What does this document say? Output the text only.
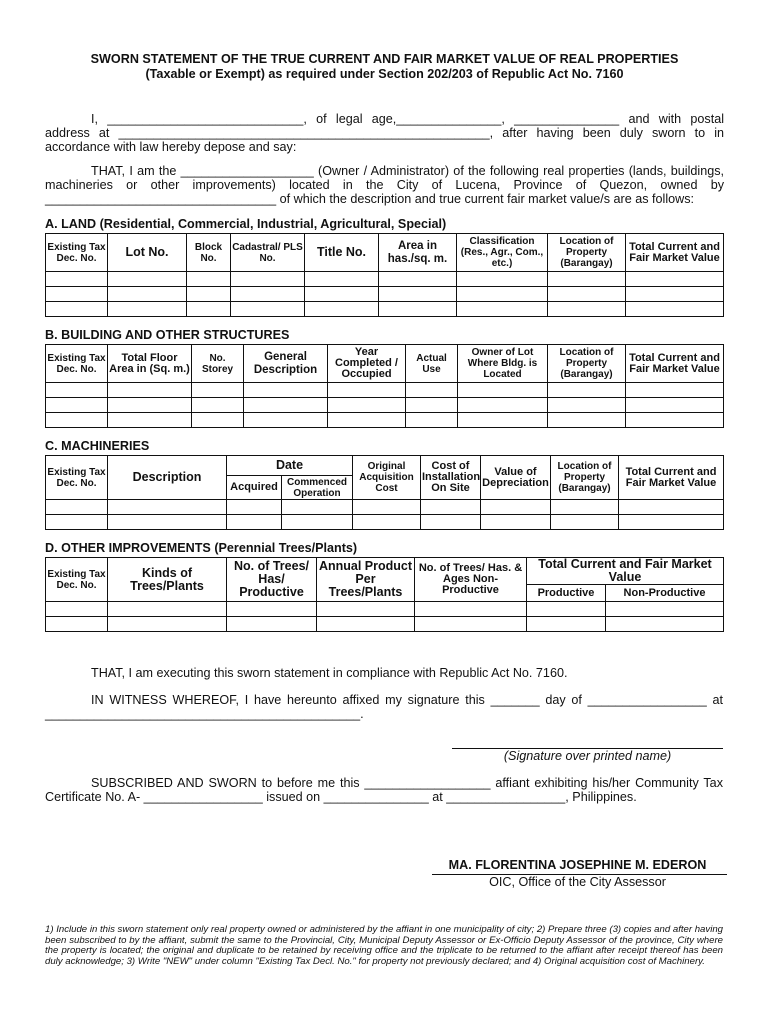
SWORN STATEMENT OF THE TRUE CURRENT AND FAIR MARKET VALUE OF REAL PROPERTIES
(Taxable or Exempt) as required under Section 202/203 of Republic Act No. 7160

I, ____________________________, of legal age,_______________, _______________ and with postal address at _____________________________________________________, after having been duly sworn to in accordance with law hereby depose and say:

THAT, I am the ___________________ (Owner / Administrator) of the following real properties (lands, buildings, machineries or other improvements) located in the City of Lucena, Province of Quezon, owned by _________________________________ of which the description and true current fair market value/s are as follows:

A. LAND (Residential, Commercial, Industrial, Agricultural, Special)
Existing Tax Dec. No.	Lot No.	Block No.	Cadastral/ PLS No.	Title No.	Area in has./sq. m.	Classification (Res., Agr., Com., etc.)	Location of Property (Barangay)	Total Current and Fair Market Value

B. BUILDING AND OTHER STRUCTURES
Existing Tax Dec. No.	Total Floor Area in (Sq. m.)	No. Storey	General Description	Year Completed / Occupied	Actual Use	Owner of Lot Where Bldg. is Located	Location of Property (Barangay)	Total Current and Fair Market Value

C. MACHINERIES
Existing Tax Dec. No.	Description	Date		Original Acquisition Cost	Cost of Installation On Site	Value of Depreciation	Location of Property (Barangay)	Total Current and Fair Market Value
		Acquired	Commenced Operation					

D. OTHER IMPROVEMENTS (Perennial Trees/Plants)
Existing Tax Dec. No.	Kinds of Trees/Plants	No. of Trees/ Has/ Productive	Annual Product Per Trees/Plants	No. of Trees/ Has. & Ages Non-Productive	Total Current and Fair Market Value	
					Productive	Non-Productive

THAT, I am executing this sworn statement in compliance with Republic Act No. 7160.

IN WITNESS WHEREOF, I have hereunto affixed my signature this _______ day of _________________ at _____________________________________________.

(Signature over printed name)

SUBSCRIBED AND SWORN to before me this __________________ affiant exhibiting his/her Community Tax Certificate No. A- _________________ issued on _______________ at _________________, Philippines.

MA. FLORENTINA JOSEPHINE M. EDERON
OIC, Office of the City Assessor

1) Include in this sworn statement only real property owned or administered by the affiant in one municipality of city; 2) Prepare three (3) copies and after having been subscribed to by the affiant, submit the same to the Provincial, City, Municipal Deputy Assessor or Ex-Officio Deputy Assessor of the province, City where the property is located; the original and duplicate to be retained by receiving office and the triplicate to be returned to the affiant after receipt thereof has been duly acknowledge; 3) Write "NEW" under column "Existing Tax Decl. No." for property not previously declared; and 4) Original acquisition cost of Machinery.
